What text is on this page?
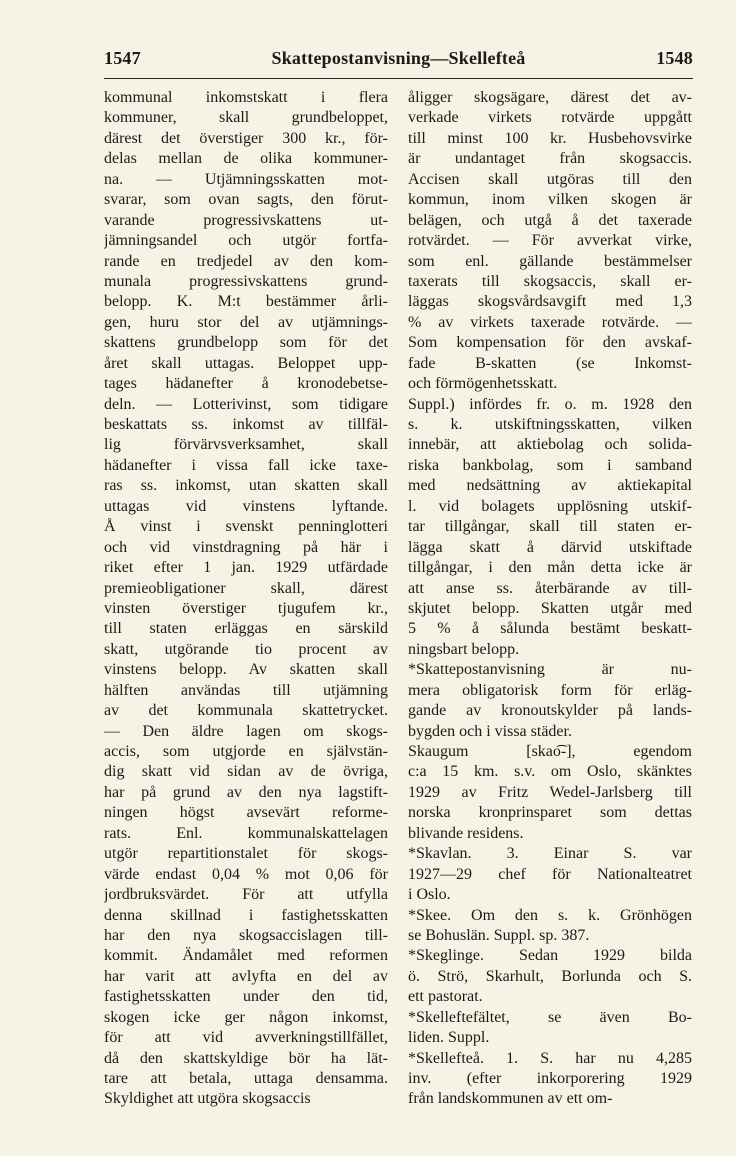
1547	Skattepostanvisning—Skellefteå	1548
kommunal inkomstskatt i flera
kommuner, skall grundbeloppet,
därest det överstiger 300 kr., för-
delas mellan de olika kommuner-
na. — Utjämningsskatten mot-
svarar, som ovan sagts, den förut-
varande progressivskattens ut-
jämningsandel och utgör fortfa-
rande en tredjedel av den kom-
munala progressivskattens grund-
belopp. K. M:t bestämmer årli-
gen, huru stor del av utjämnings-
skattens grundbelopp som för det
året skall uttagas. Beloppet upp-
tages hädanefter å kronodebetse-
deln. — Lotterivinst, som tidigare
beskattats ss. inkomst av tillfäl-
lig förvärvsverksamhet, skall
hädanefter i vissa fall icke taxe-
ras ss. inkomst, utan skatten skall
uttagas vid vinstens lyftande.
Å vinst i svenskt penninglotteri
och vid vinstdragning på här i
riket efter 1 jan. 1929 utfärdade
premieobligationer skall, därest
vinsten överstiger tjugufem kr.,
till staten erläggas en särskild
skatt, utgörande tio procent av
vinstens belopp. Av skatten skall
hälften användas till utjämning
av det kommunala skattetrycket.
— Den äldre lagen om skogs-
accis, som utgjorde en självstän-
dig skatt vid sidan av de övriga,
har på grund av den nya lagstift-
ningen högst avsevärt reforme-
rats. Enl. kommunalskattelagen
utgör repartitionstalet för skogs-
värde endast 0,04 % mot 0,06 för
jordbruksvärdet. För att utfylla
denna skillnad i fastighetsskatten
har den nya skogsaccislagen till-
kommit. Ändamålet med reformen
har varit att avlyfta en del av
fastighetsskatten under den tid,
skogen icke ger någon inkomst,
för att vid avverkningstillfället,
då den skattskyldige bör ha lät-
tare att betala, uttaga densamma.
Skyldighet att utgöra skogsaccis
åligger skogsägare, därest det av-
verkade virkets rotvärde uppgått
till minst 100 kr. Husbehovsvirke
är undantaget från skogsaccis.
Accisen skall utgöras till den
kommun, inom vilken skogen är
belägen, och utgå å det taxerade
rotvärdet. — För avverkat virke,
som enl. gällande bestämmelser
taxerats till skogsaccis, skall er-
läggas skogsvårdsavgift med 1,3
% av virkets taxerade rotvärde. —
Som kompensation för den avskaf-
fade B-skatten (se Inkomst-
och förmögenhetsskatt.
Suppl.) infördes fr. o. m. 1928 den
s. k. utskiftningsskatten, vilken
innebär, att aktiebolag och solida-
riska bankbolag, som i samband
med nedsättning av aktiekapital
l. vid bolagets upplösning utskif-
tar tillgångar, skall till staten er-
lägga skatt å därvid utskiftade
tillgångar, i den mån detta icke är
att anse ss. återbärande av till-
skjutet belopp. Skatten utgår med
5 % å sålunda bestämt beskatt-
ningsbart belopp.
*Skattepostanvisning är nu-
mera obligatorisk form för erläg-
gande av kronoutskylder på lands-
bygden och i vissa städer.
Skaugum [skao͡-], egendom
c:a 15 km. s.v. om Oslo, skänktes
1929 av Fritz Wedel-Jarlsberg till
norska kronprinsparet som dettas
blivande residens.
*Skavlan. 3. Einar S. var
1927—29 chef för Nationalteatret
i Oslo.
*Skee. Om den s. k. Grönhögen
se Bohuslän. Suppl. sp. 387.
*Skeglinge. Sedan 1929 bilda
ö. Strö, Skarhult, Borlunda och S.
ett pastorat.
*Skelleftefältet, se även Bo-
liden. Suppl.
*Skellefteå. 1. S. har nu 4,285
inv. (efter inkorporering 1929
från landskommunen av ett om-
